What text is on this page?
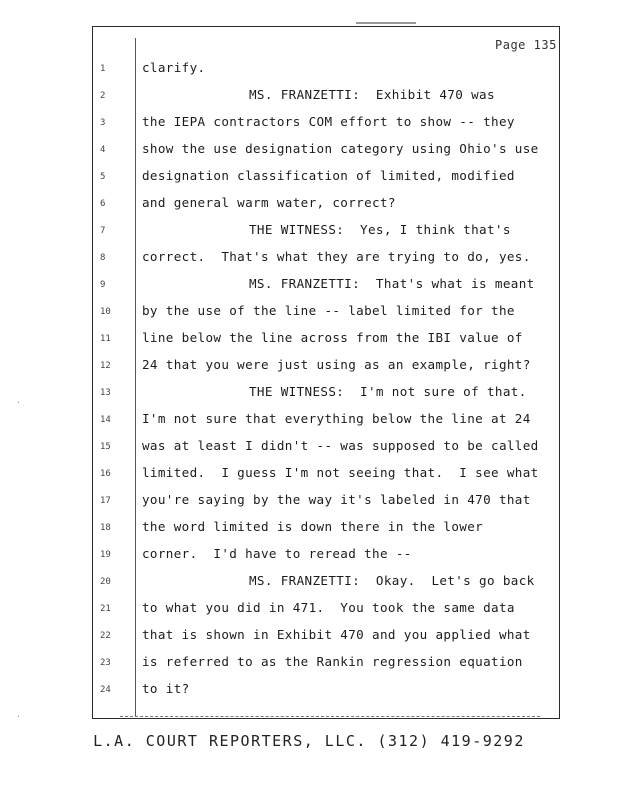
Page 135
1	clarify.
2	MS. FRANZETTI:  Exhibit 470 was
3	the IEPA contractors COM effort to show -- they
4	show the use designation category using Ohio's use
5	designation classification of limited, modified
6	and general warm water, correct?
7	THE WITNESS:  Yes, I think that's
8	correct.  That's what they are trying to do, yes.
9	MS. FRANZETTI:  That's what is meant
10	by the use of the line -- label limited for the
11	line below the line across from the IBI value of
12	24 that you were just using as an example, right?
13	THE WITNESS:  I'm not sure of that.
14	I'm not sure that everything below the line at 24
15	was at least I didn't -- was supposed to be called
16	limited.  I guess I'm not seeing that.  I see what
17	you're saying by the way it's labeled in 470 that
18	the word limited is down there in the lower
19	corner.  I'd have to reread the --
20	MS. FRANZETTI:  Okay.  Let's go back
21	to what you did in 471.  You took the same data
22	that is shown in Exhibit 470 and you applied what
23	is referred to as the Rankin regression equation
24	to it?
·
·
L.A. COURT REPORTERS, LLC. (312) 419-9292
